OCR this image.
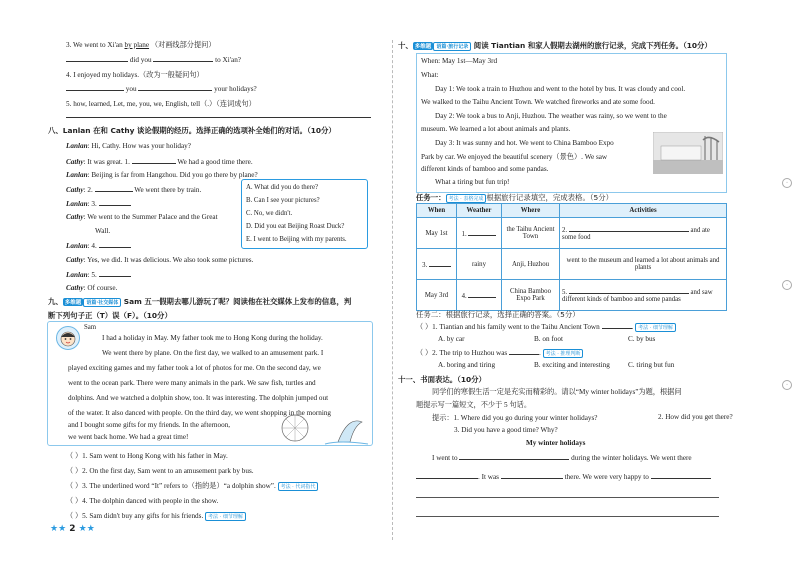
3. We went to Xi'an by plane （对画线部分提问）
did you	to Xi'an?
4. I enjoyed my holidays.（改为一般疑问句）
you	your holidays?
5. how, learned, Let, me, you, we, English, tell（.）（连词成句）
八、Lanlan 在和 Cathy 谈论假期的经历。选择正确的选项补全她们的对话。（10分）
Lanlan: Hi, Cathy. How was your holiday?
Cathy: It was great. 1.	We had a good time there.
Lanlan: Beijing is far from Hangzhou. Did you go there by plane?
Cathy: 2.	We went there by train.
Lanlan: 3.
Cathy: We went to the Summer Palace and the Great
Wall.
Lanlan: 4.
Cathy: Yes, we did. It was delicious. We also took some pictures.
Lanlan: 5.
Cathy: Of course.
A. What did you do there?
B. Can I see your pictures?
C. No, we didn't.
D. Did you eat Beijing Roast Duck?
E. I went to Beijing with my parents.
九、 多维题 语篇·社交媒体 Sam 五一假期去哪儿游玩了呢？阅读他在社交媒体上发布的信息，判
断下列句子正（T）误（F）。（10分）
Sam
I had a holiday in May. My father took me to Hong Kong during the holiday.
We went there by plane. On the first day, we walked to an amusement park. I
played exciting games and my father took a lot of photos for me. On the second day, we
went to the ocean park. There were many animals in the park. We saw fish, turtles and
dolphins. And we watched a dolphin show, too. It was interesting. The dolphin jumped out
of the water. It also danced with people. On the third day, we went shopping in the morning
and I bought some gifts for my friends. In the afternoon,
we went back home. We had a great time!
（ ）1. Sam went to Hong Kong with his father in May.
（ ）2. On the first day, Sam went to an amusement park by bus.
（ ）3. The underlined word “It” refers to（指的是）“a dolphin show”. 考法 · 代词指代
（ ）4. The dolphin danced with people in the show.
（ ）5. Sam didn't buy any gifts for his friends. 考法 · 细节理解
★★ 2 ★★
十、 多维题 语篇·旅行记录 阅读 Tiantian 和家人假期去湖州的旅行记录，完成下列任务。（10分）
When: May 1st—May 3rd
What:
Day 1: We took a train to Huzhou and went to the hotel by bus. It was cloudy and cool.
We walked to the Taihu Ancient Town. We watched fireworks and ate some food.
Day 2: We took a bus to Anji, Huzhou. The weather was rainy, so we went to the
museum. We learned a lot about animals and plants.
Day 3: It was sunny and hot. We went to China Bamboo Expo
Park by car. We enjoyed the beautiful scenery（景色）. We saw
different kinds of bamboo and some pandas.
What a tiring but fun trip!
任务一： 考法 · 表格完成 根据旅行记录填空，完成表格。（5分）
When	Weather	Where	Activities
May 1st	1.	the Taihu Ancient Town	2. and ate some food
3.	rainy	Anji, Huzhou	went to the museum and learned a lot about animals and plants
May 3rd	4.	China Bamboo Expo Park	5. and saw different kinds of bamboo and some pandas
任务二：根据旅行记录，选择正确的答案。（5分）
（ ）1. Tiantian and his family went to the Taihu Ancient Town	. 考法 · 细节理解
A. by car	B. on foot	C. by bus
（ ）2. The trip to Huzhou was	. 考法 · 推理判断
A. boring and tiring	B. exciting and interesting	C. tiring but fun
十一、书面表达。（10分）
同学们的寒假生活一定是充实而精彩的。请以“My winter holidays”为题，根据问
题提示写一篇短文，不少于 5 句话。
提示：1. Where did you go during your winter holidays?	2. How did you get there?
3. Did you have a good time? Why?
My winter holidays
I went to	during the winter holidays. We went there
. It was	there. We were very happy to
◦
◦
◦
